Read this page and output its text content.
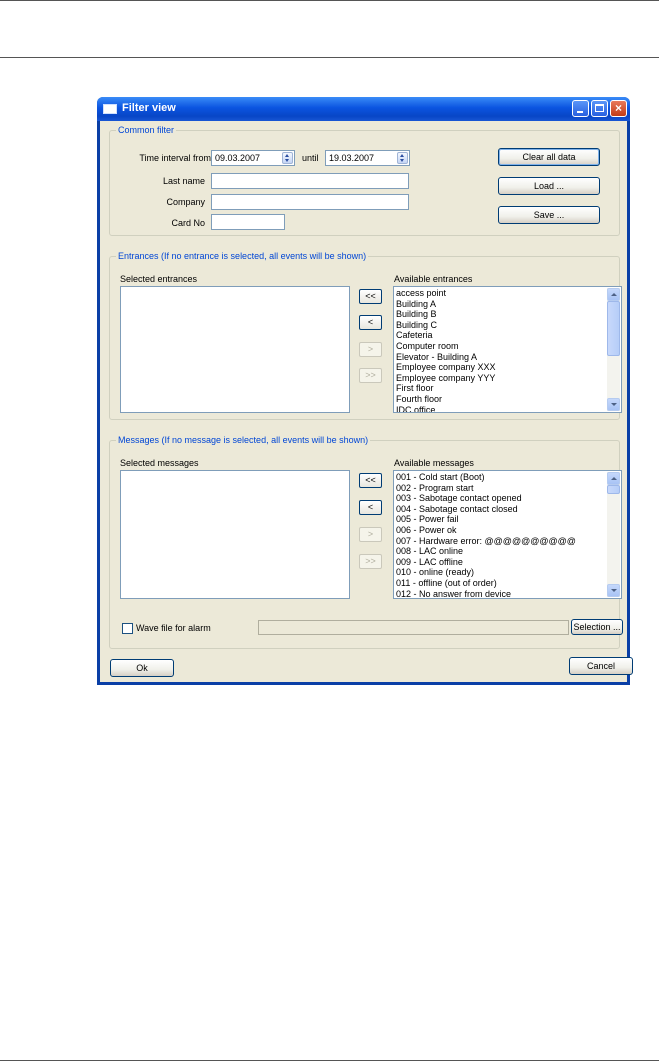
Filter view	×
Common filter
Time interval from 09.03.2007	until	19.03.2007
Last name
Company
Card No
Clear all data
Load ...
Save ...
Entrances (If no entrance is selected, all events will be shown)
Selected entrances
<<
<
>
>>
Available entrances
access point
Building A
Building B
Building C
Cafeteria
Computer room
Elevator - Building A
Employee company XXX
Employee company YYY
First floor
Fourth floor
IDC office
Messages (If no message is selected, all events will be shown)
Selected messages
<<
<
>
>>
Available messages
001 - Cold start (Boot)
002 - Program start
003 - Sabotage contact opened
004 - Sabotage contact closed
005 - Power fail
006 - Power ok
007 - Hardware error: @@@@@@@@@@
008 - LAC online
009 - LAC offline
010 - online (ready)
011 - offline (out of order)
012 - No answer from device
Wave file for alarm	Selection ...
Ok	Cancel
